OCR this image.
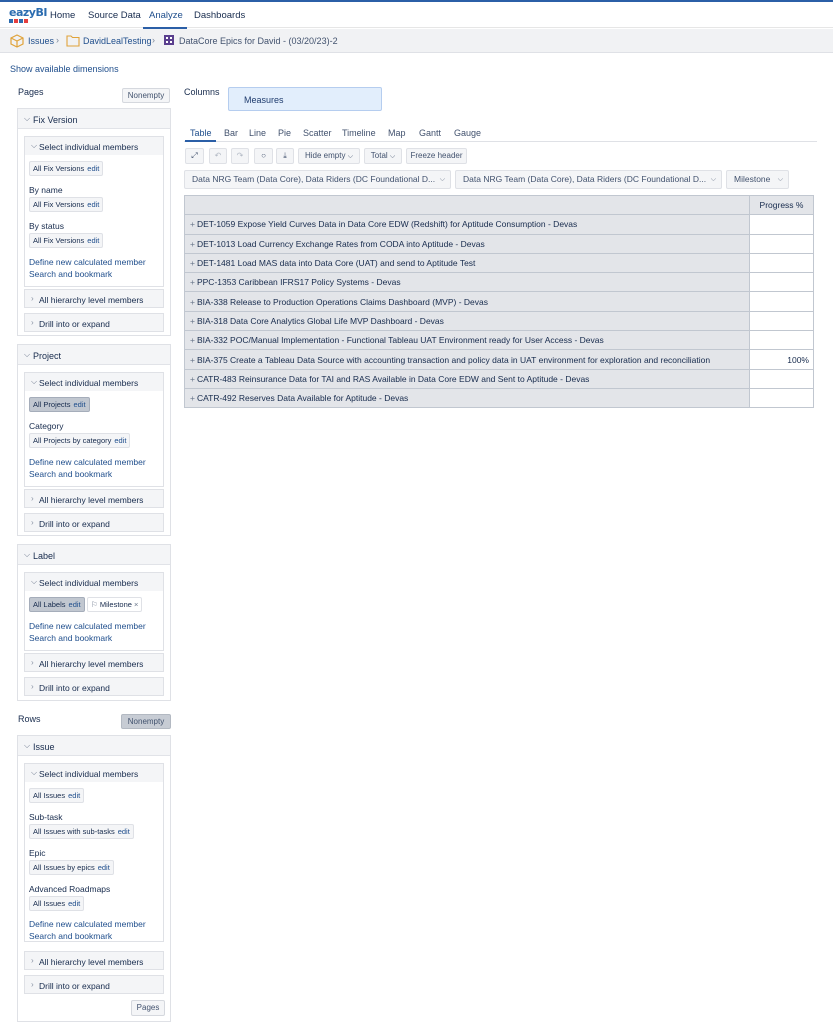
eazyBI Home Source Data Analyze Dashboards
Issues ›	DavidLealTesting ›	DataCore Epics for David - (03/20/23)-2
Show available dimensions
Pages	Nonempty
⌵ Fix Version
⌵ Select individual members
All Fix Versions edit
By name
All Fix Versions edit
By status
All Fix Versions edit
Define new calculated member
Search and bookmark
› All hierarchy level members
› Drill into or expand
⌵ Project
⌵ Select individual members
All Projects edit
Category
All Projects by category edit
Define new calculated member
Search and bookmark
› All hierarchy level members
› Drill into or expand
⌵ Label
⌵ Select individual members
All Labels edit	⚐ Milestone ×
Define new calculated member
Search and bookmark
› All hierarchy level members
› Drill into or expand
Rows	Nonempty
⌵ Issue
⌵ Select individual members
All Issues edit
Sub-task
All Issues with sub-tasks edit
Epic
All Issues by epics edit
Advanced Roadmaps
All Issues edit
Define new calculated member
Search and bookmark
› All hierarchy level members
› Drill into or expand
Pages
Columns
Measures
Table Bar Line Pie Scatter Timeline Map Gantt Gauge
⤢	↶	↷	○	⤓	Hide empty ⌵	Total ⌵	Freeze header
Data NRG Team (Data Core), Data Riders (DC Foundational D... ⌵	Data NRG Team (Data Core), Data Riders (DC Foundational D... ⌵	Milestone ⌵
	Progress %
+ DET-1059 Expose Yield Curves Data in Data Core EDW (Redshift) for Aptitude Consumption - Devas	
+ DET-1013 Load Currency Exchange Rates from CODA into Aptitude - Devas	
+ DET-1481 Load MAS data into Data Core (UAT) and send to Aptitude Test	
+ PPC-1353 Caribbean IFRS17 Policy Systems - Devas	
+ BIA-338 Release to Production Operations Claims Dashboard (MVP) - Devas	
+ BIA-318 Data Core Analytics Global Life MVP Dashboard - Devas	
+ BIA-332 POC/Manual Implementation - Functional Tableau UAT Environment ready for User Access - Devas	
+ BIA-375 Create a Tableau Data Source with accounting transaction and policy data in UAT environment for exploration and reconciliation	100%
+ CATR-483 Reinsurance Data for TAI and RAS Available in Data Core EDW and Sent to Aptitude - Devas	
+ CATR-492 Reserves Data Available for Aptitude - Devas	
